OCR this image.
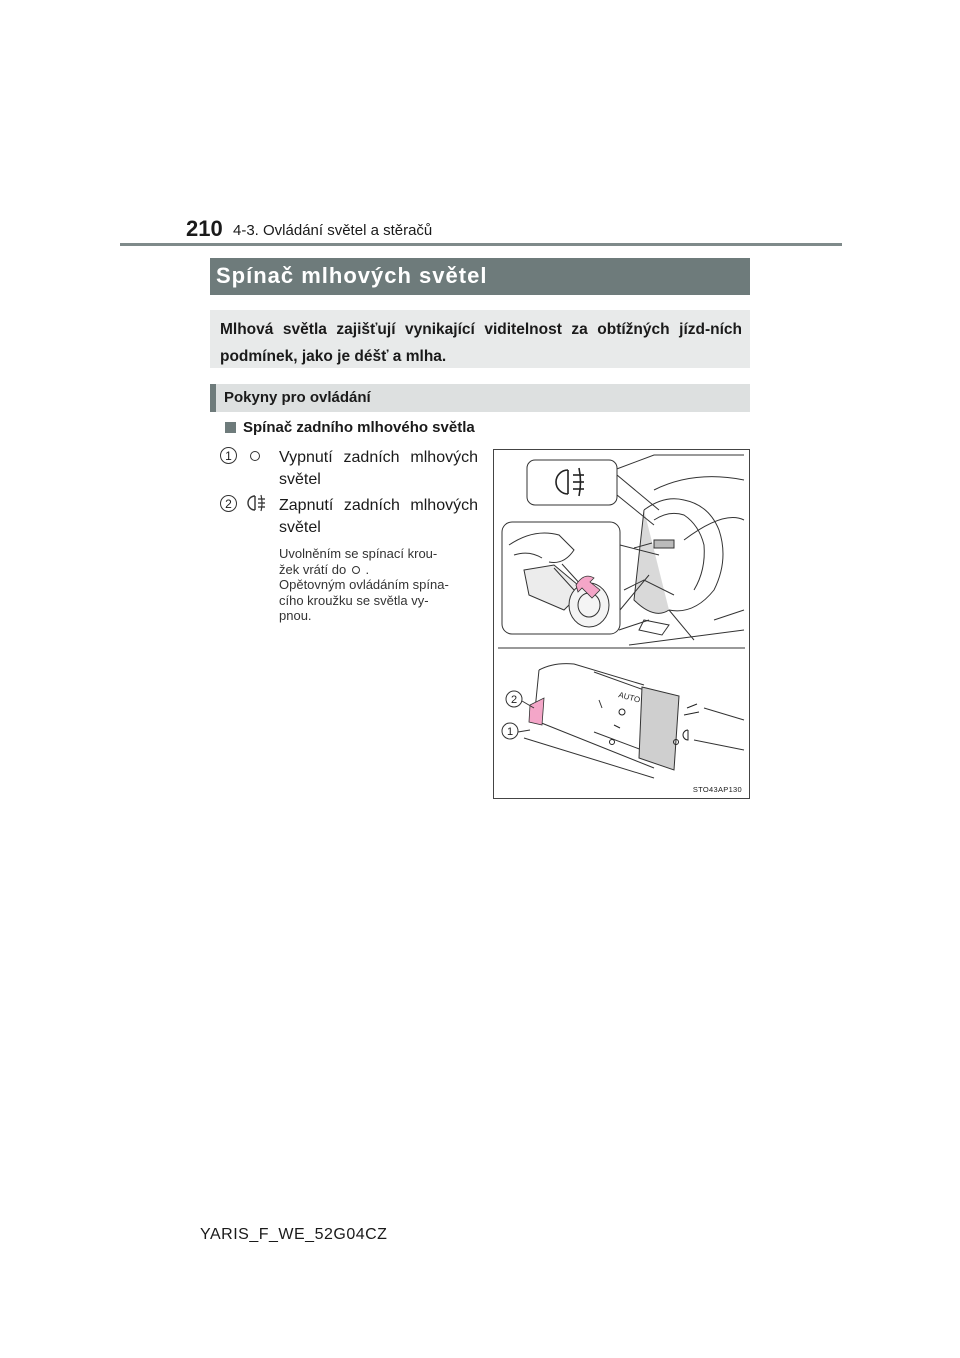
210 4-3. Ovládání světel a stěračů
Spínač mlhových světel
Mlhová světla zajišťují vynikající viditelnost za obtížných jízd-ních podmínek, jako je déšť a mlha.
Pokyny pro ovládání
Spínač zadního mlhového světla
1	Vypnutí zadních mlhových světel
2	Zapnutí zadních mlhových světel
Uvolněním se spínací krou-
žek vrátí do .
Opětovným ovládáním spína-
cího kroužku se světla vy-
pnou.
AUTO
2
1
STO43AP130
YARIS_F_WE_52G04CZ
